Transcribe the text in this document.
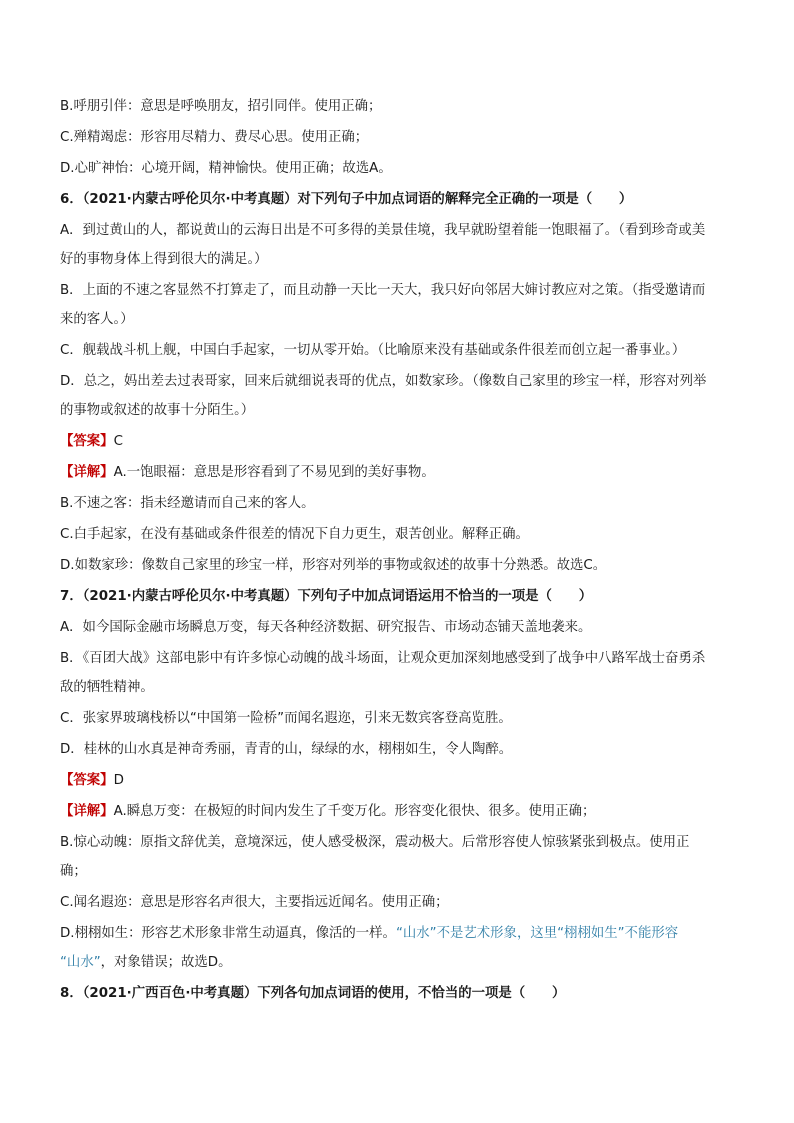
B.呼朋引伴：意思是呼唤朋友，招引同伴。使用正确；

C.殚精竭虑：形容用尽精力、费尽心思。使用正确；

D.心旷神怡：心境开阔，精神愉快。使用正确；故选A。

6．（2021·内蒙古呼伦贝尔·中考真题）对下列句子中加点词语的解释完全正确的一项是（　　）

A．到过黄山的人，都说黄山的云海日出是不可多得的美景佳境，我早就盼望着能一饱眼福了。（看到珍奇或美

好的事物身体上得到很大的满足。）

B．上面的不速之客显然不打算走了，而且动静一天比一天大，我只好向邻居大婶讨教应对之策。（指受邀请而

来的客人。）

C．舰载战斗机上舰，中国白手起家，一切从零开始。（比喻原来没有基础或条件很差而创立起一番事业。）

D．总之，妈出差去过表哥家，回来后就细说表哥的优点，如数家珍。（像数自己家里的珍宝一样，形容对列举

的事物或叙述的故事十分陌生。）

【答案】C

【详解】A.一饱眼福：意思是形容看到了不易见到的美好事物。

B.不速之客：指未经邀请而自己来的客人。

C.白手起家，在没有基础或条件很差的情况下自力更生，艰苦创业。解释正确。

D.如数家珍：像数自己家里的珍宝一样，形容对列举的事物或叙述的故事十分熟悉。故选C。

7．（2021·内蒙古呼伦贝尔·中考真题）下列句子中加点词语运用不恰当的一项是（　　）

A．如今国际金融市场瞬息万变，每天各种经济数据、研究报告、市场动态铺天盖地袭来。

B．《百团大战》这部电影中有许多惊心动魄的战斗场面，让观众更加深刻地感受到了战争中八路军战士奋勇杀

敌的牺牲精神。

C．张家界玻璃栈桥以“中国第一险桥”而闻名遐迩，引来无数宾客登高览胜。

D．桂林的山水真是神奇秀丽，青青的山，绿绿的水，栩栩如生，令人陶醉。

【答案】D

【详解】A.瞬息万变：在极短的时间内发生了千变万化。形容变化很快、很多。使用正确；

B.惊心动魄：原指文辞优美，意境深远，使人感受极深，震动极大。后常形容使人惊骇紧张到极点。使用正

确；

C.闻名遐迩：意思是形容名声很大，主要指远近闻名。使用正确；

D.栩栩如生：形容艺术形象非常生动逼真，像活的一样。“山水”不是艺术形象，这里“栩栩如生”不能形容

“山水”，对象错误；故选D。

8．（2021·广西百色·中考真题）下列各句加点词语的使用，不恰当的一项是（　　）
